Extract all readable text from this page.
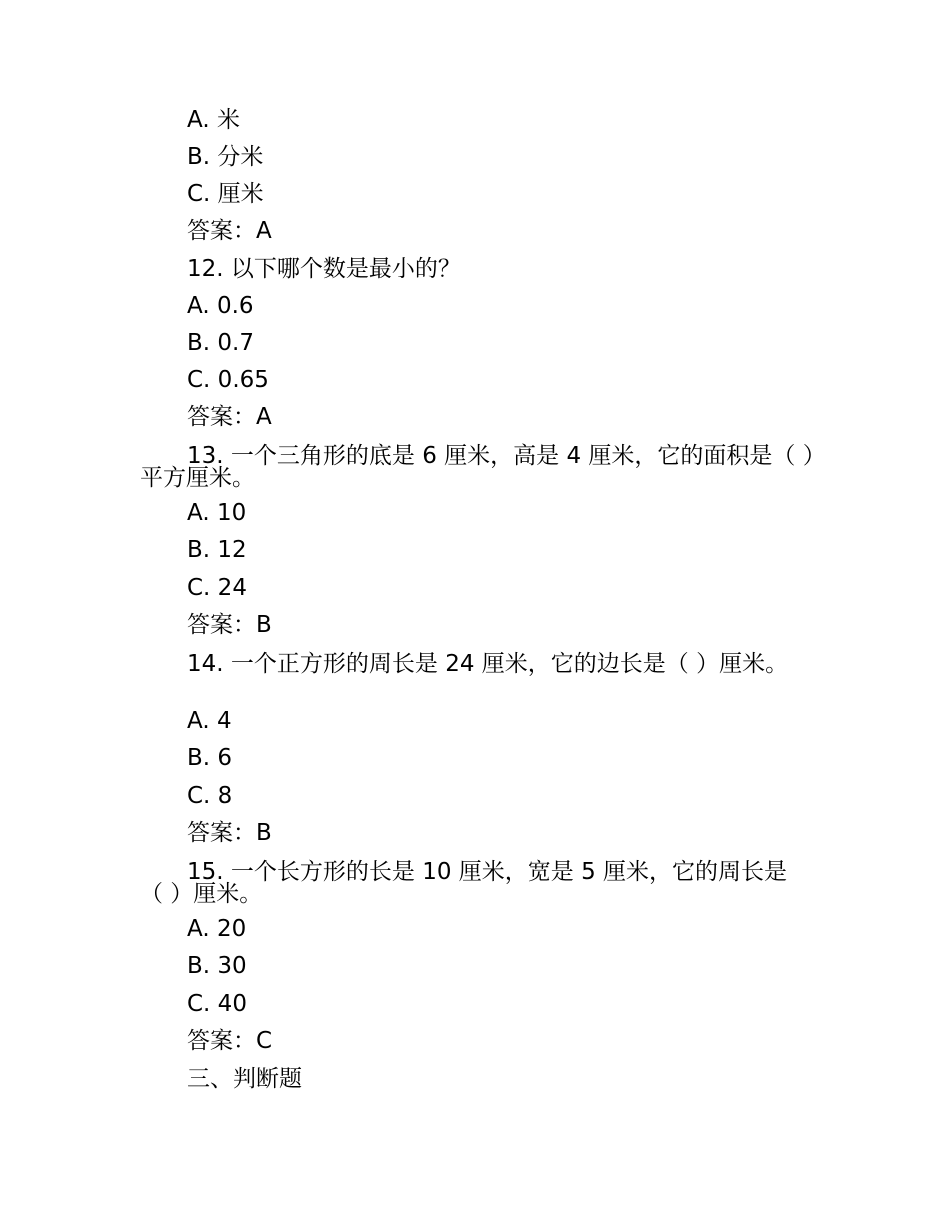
A. 米
B. 分米
C. 厘米
答案：A
12. 以下哪个数是最小的？
A. 0.6
B. 0.7
C. 0.65
答案：A
13. 一个三角形的底是 6 厘米，高是 4 厘米，它的面积是（ ）平方厘米。
A. 10
B. 12
C. 24
答案：B
14. 一个正方形的周长是 24 厘米，它的边长是（ ）厘米。
A. 4
B. 6
C. 8
答案：B
15. 一个长方形的长是 10 厘米，宽是 5 厘米，它的周长是（ ）厘米。
A. 20
B. 30
C. 40
答案：C
三、判断题
